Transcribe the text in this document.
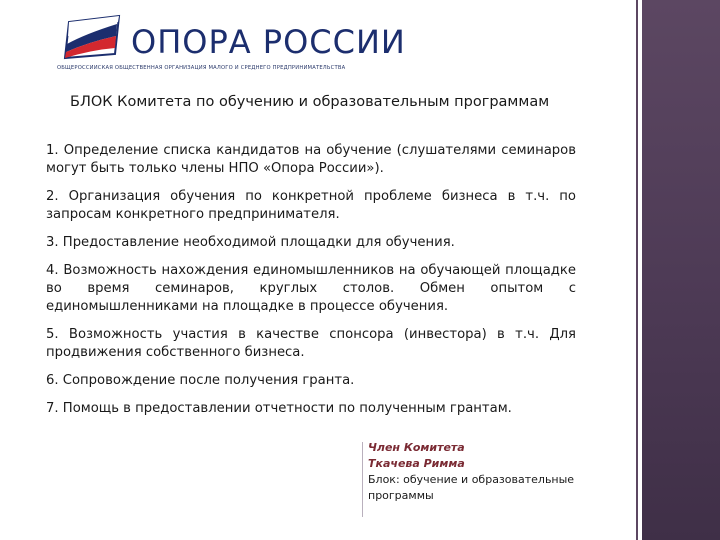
ОПОРА РОССИИ
ОБЩЕРОССИЙСКАЯ ОБЩЕСТВЕННАЯ ОРГАНИЗАЦИЯ МАЛОГО И СРЕДНЕГО ПРЕДПРИНИМАТЕЛЬСТВА
БЛОК Комитета по обучению и образовательным программам
1. Определение списка кандидатов на обучение (слушателями семинаров могут быть только члены НПО «Опора России»).
2. Организация обучения по конкретной проблеме бизнеса в т.ч. по запросам конкретного предпринимателя.
3. Предоставление необходимой площадки для обучения.
4. Возможность нахождения единомышленников на обучающей площадке во время семинаров, круглых столов. Обмен опытом с единомышленниками на площадке в процессе обучения.
5. Возможность участия в качестве спонсора (инвестора) в т.ч. Для продвижения собственного бизнеса.
6. Сопровождение после получения гранта.
7. Помощь в предоставлении отчетности по полученным грантам.
Член Комитета
Ткачева Римма
Блок: обучение и образовательные программы
